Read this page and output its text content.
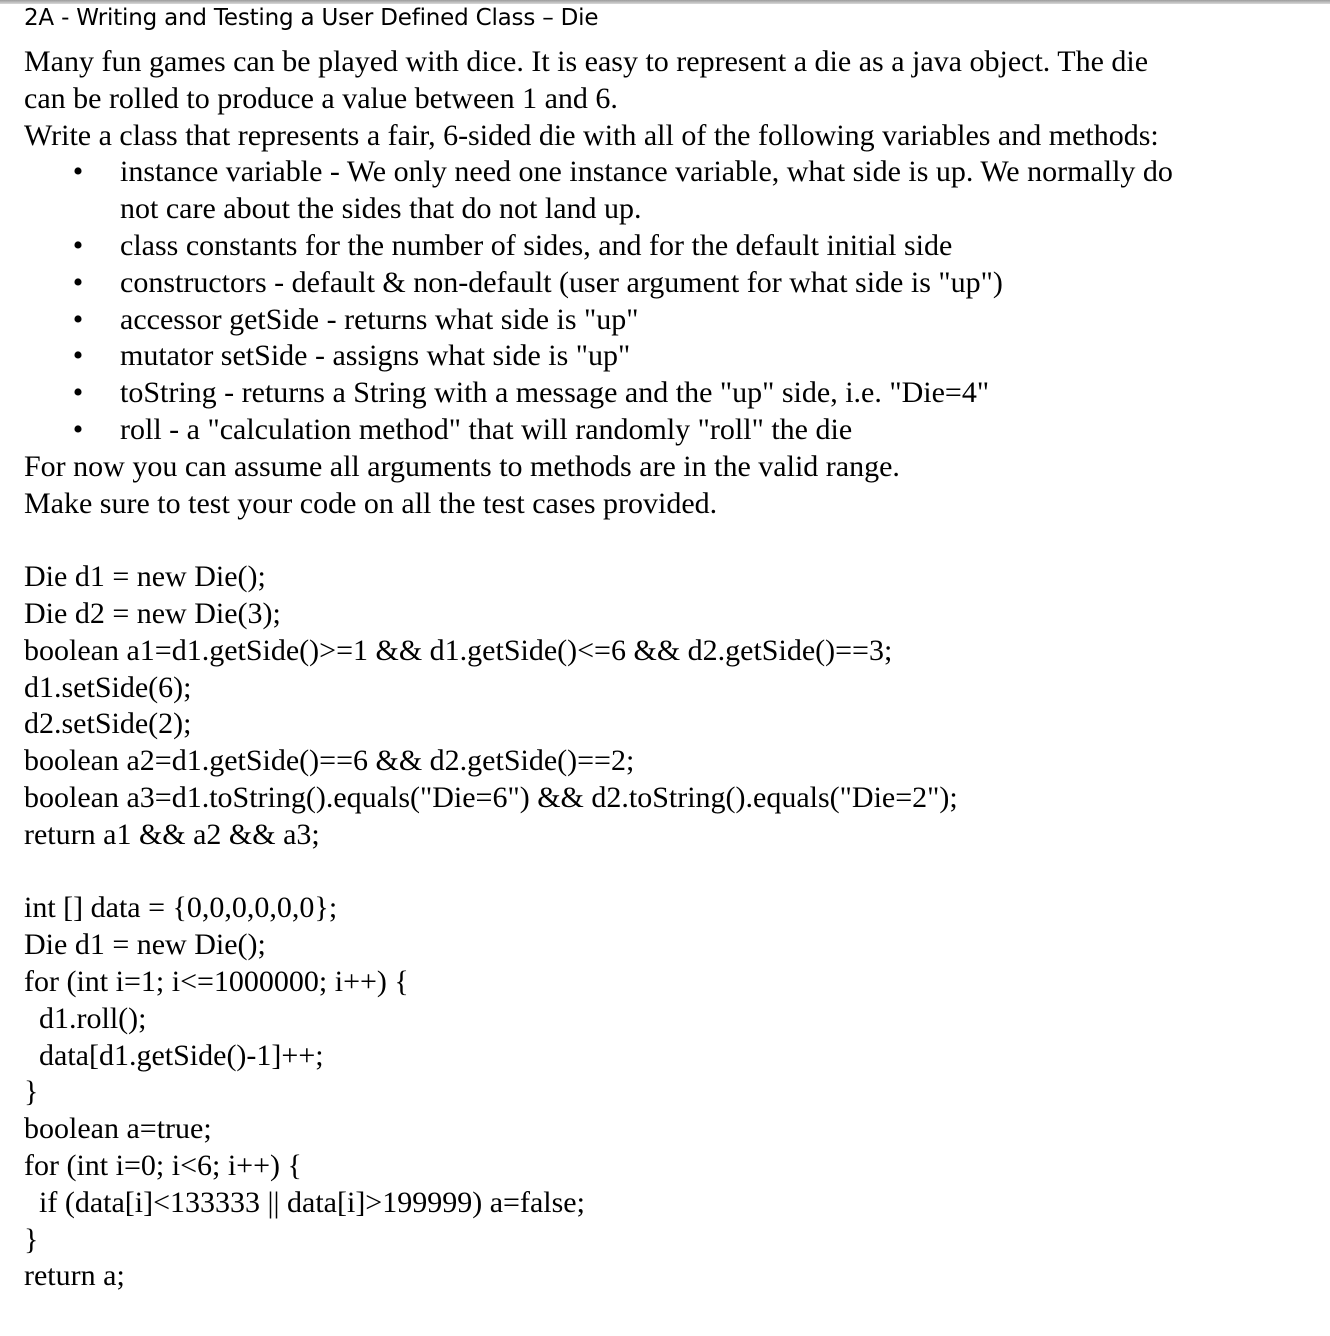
2A - Writing and Testing a User Defined Class – Die
Many fun games can be played with dice. It is easy to represent a die as a java object. The die
can be rolled to produce a value between 1 and 6.
Write a class that represents a fair, 6-sided die with all of the following variables and methods:
• instance variable - We only need one instance variable, what side is up. We normally do
not care about the sides that do not land up.
• class constants for the number of sides, and for the default initial side
• constructors - default & non-default (user argument for what side is "up")
• accessor getSide - returns what side is "up"
• mutator setSide - assigns what side is "up"
• toString - returns a String with a message and the "up" side, i.e. "Die=4"
• roll - a "calculation method" that will randomly "roll" the die
For now you can assume all arguments to methods are in the valid range.
Make sure to test your code on all the test cases provided.
Die d1 = new Die();
Die d2 = new Die(3);
boolean a1=d1.getSide()>=1 && d1.getSide()<=6 && d2.getSide()==3;
d1.setSide(6);
d2.setSide(2);
boolean a2=d1.getSide()==6 && d2.getSide()==2;
boolean a3=d1.toString().equals("Die=6") && d2.toString().equals("Die=2");
return a1 && a2 && a3;
int [] data = {0,0,0,0,0,0};
Die d1 = new Die();
for (int i=1; i<=1000000; i++) {
d1.roll();
data[d1.getSide()-1]++;
}
boolean a=true;
for (int i=0; i<6; i++) {
if (data[i]<133333 || data[i]>199999) a=false;
}
return a;
